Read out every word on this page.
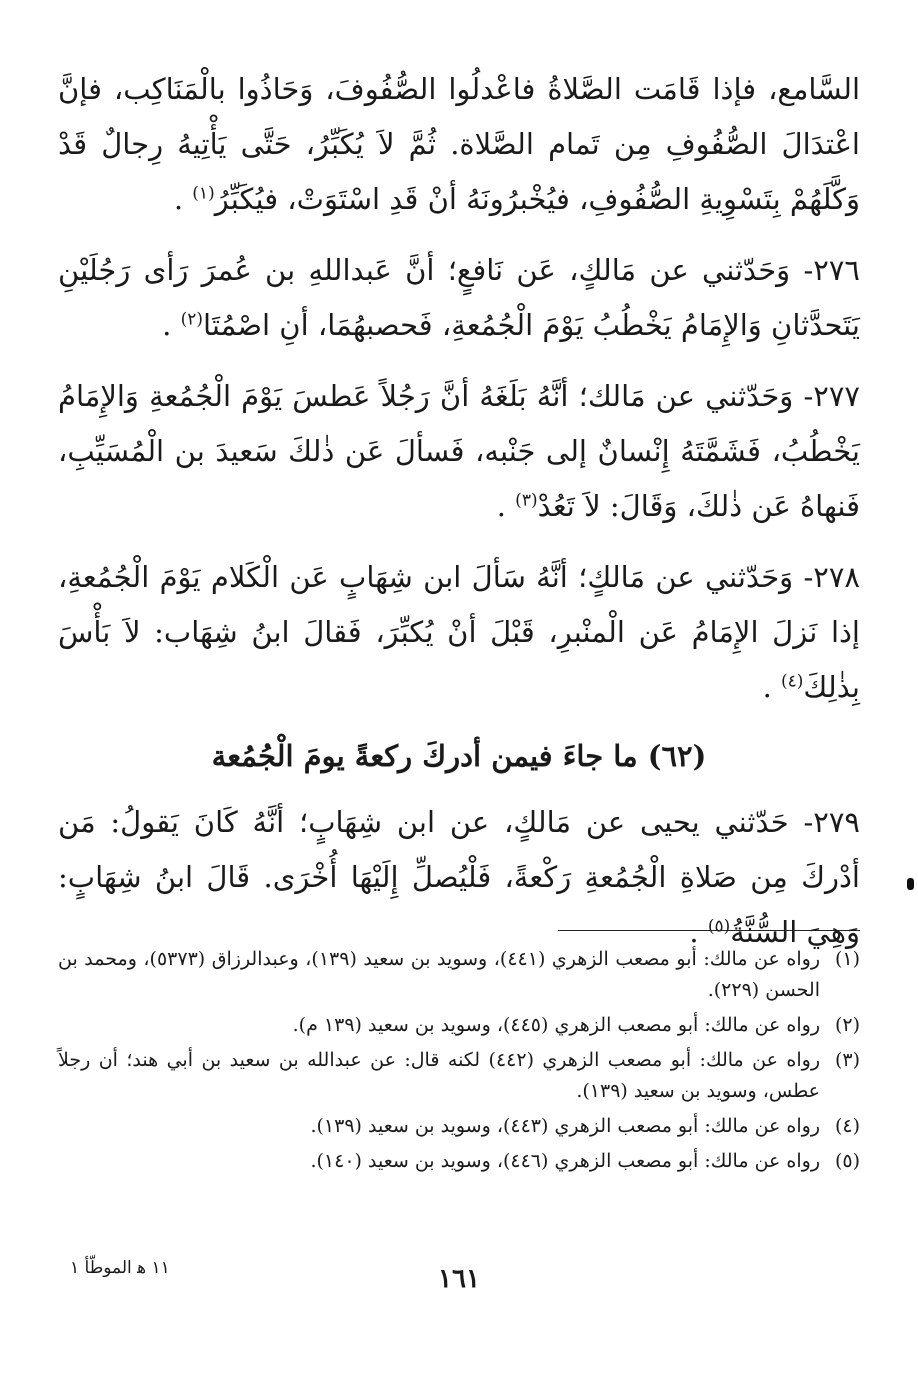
السَّامع، فإذا قَامَت الصَّلاةُ فاعْدلُوا الصُّفُوفَ، وَحَاذُوا بالْمَنَاكِب، فإنَّ اعْتدَالَ الصُّفُوفِ مِن تَمام الصَّلاة. ثُمَّ لاَ يُكَبِّرُ، حَتَّى يَأْتِيهُ رِجالٌ قَدْ وَكَّلَهُمْ بِتَسْوِيةِ الصُّفُوفِ، فيُخْبرُونَهُ أنْ قَدِ اسْتَوَتْ، فيُكَبِّرُ$^{(١)}$ .

٢٧٦- وَحَدّثني عن مَالكٍ، عَن نَافعٍ؛ أنَّ عَبداللهِ بن عُمرَ رَأى رَجُلَيْنِ يَتَحدَّثانِ وَالإِمَامُ يَخْطُبُ يَوْمَ الْجُمُعةِ، فَحصبهُمَا، أنِ اصْمُتَا$^{(٢)}$ .

٢٧٧- وَحَدّثني عن مَالك؛ أنَّهُ بَلَغَهُ أنَّ رَجُلاً عَطسَ يَوْمَ الْجُمُعةِ وَالإِمَامُ يَخْطُبُ، فَشَمَّتَهُ إِنْسانٌ إلى جَنْبه، فَسألَ عَن ذٰلكَ سَعيدَ بن الْمُسَيِّبِ، فَنهاهُ عَن ذٰلكَ، وَقَالَ: لاَ تَعُدْ$^{(٣)}$ .

٢٧٨- وَحَدّثني عن مَالكٍ؛ أنَّهُ سَألَ ابن شِهَابٍ عَن الْكَلام يَوْمَ الْجُمُعةِ، إذا نَزلَ الإِمَامُ عَن الْمنْبرِ، قَبْلَ أنْ يُكبِّرَ، فَقالَ ابنُ شِهَاب: لاَ بَأْسَ بِذٰلِكَ$^{(٤)}$ .

(٦٢) ما جاءَ فيمن أدركَ ركعةً يومَ الْجُمُعة

٢٧٩- حَدّثني يحيى عن مَالكٍ، عن ابن شِهَابٍ؛ أنَّهُ كَانَ يَقولُ: مَن أدْركَ مِن صَلاةِ الْجُمُعةِ رَكْعةً، فَلْيُصلِّ إِلَيْهَا أُخْرَى. قَالَ ابنُ شِهَابٍ: وَهِيَ السُّنَّةُ$^{(٥)}$ .

(١)
رواه عن مالك: أبو مصعب الزهري (٤٤١)، وسويد بن سعيد (١٣٩)، وعبدالرزاق (٥٣٧٣)، ومحمد بن الحسن (٢٢٩).
(٢)
رواه عن مالك: أبو مصعب الزهري (٤٤٥)، وسويد بن سعيد (١٣٩ م).
(٣)
رواه عن مالك: أبو مصعب الزهري (٤٤٢) لكنه قال: عن عبدالله بن سعيد بن أبي هند؛ أن رجلاً عطس، وسويد بن سعيد (١٣٩).
(٤)
رواه عن مالك: أبو مصعب الزهري (٤٤٣)، وسويد بن سعيد (١٣٩).
(٥)
رواه عن مالك: أبو مصعب الزهري (٤٤٦)، وسويد بن سعيد (١٤٠).
١٦١
١١ ﻫ الموطّأ ١
